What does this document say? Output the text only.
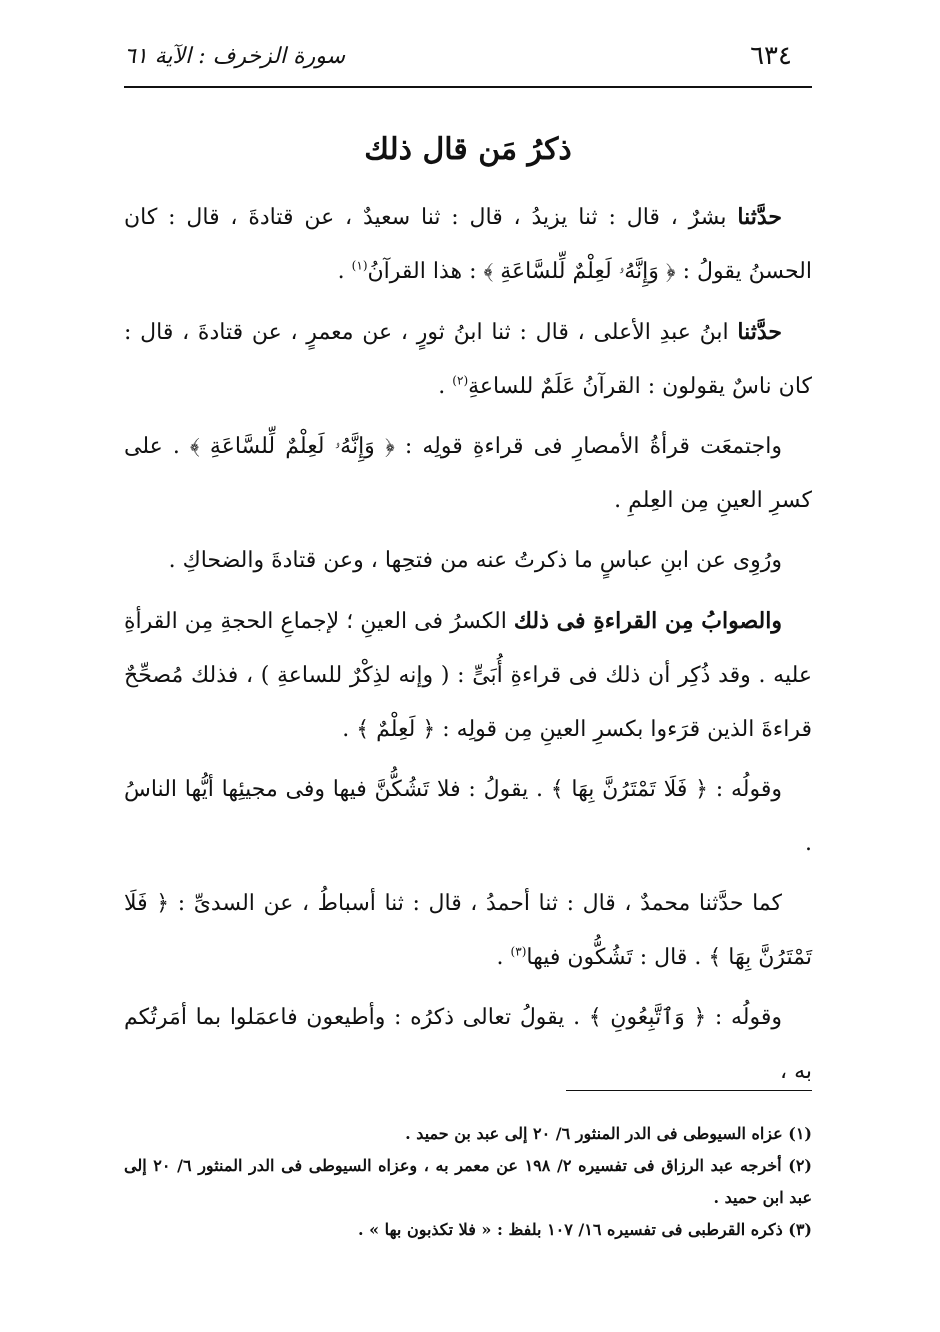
٦٣٤
سورة الزخرف : الآية ٦١
ذكرُ مَن قال ذلك

حدَّثنا بشرٌ ، قال : ثنا يزيدُ ، قال : ثنا سعيدٌ ، عن قتادةَ ، قال : كان الحسنُ يقولُ : ﴿ وَإِنَّهُۥ لَعِلْمٌ لِّلسَّاعَةِ ﴾ : هذا القرآنُ$^{(١)}$ .

حدَّثنا ابنُ عبدِ الأعلى ، قال : ثنا ابنُ ثورٍ ، عن معمرٍ ، عن قتادةَ ، قال : كان ناسٌ يقولون : القرآنُ عَلَمٌ للساعةِ$^{(٢)}$ .

واجتمعَت قرأةُ الأمصارِ فى قراءةِ قولِه : ﴿ وَإِنَّهُۥ لَعِلْمٌ لِّلسَّاعَةِ ﴾ . على كسرِ العينِ مِن العِلمِ .

ورُوِى عن ابنِ عباسٍ ما ذكرتُ عنه من فتحِها ، وعن قتادةَ والضحاكِ .

والصوابُ مِن القراءةِ فى ذلك الكسرُ فى العينِ ؛ لإجماعِ الحجةِ مِن القرأةِ عليه . وقد ذُكِر أن ذلك فى قراءةِ أُبَىٍّ : ( وإنه لذِكْرٌ للساعةِ ) ، فذلك مُصحِّحٌ قراءةَ الذين قرَءوا بكسرِ العينِ مِن قولِه : ﴿ لَعِلْمٌ ﴾ .

وقولُه : ﴿ فَلَا تَمْتَرُنَّ بِهَا ﴾ . يقولُ : فلا تَشُكُّنَّ فيها وفى مجيئِها أيُّها الناسُ .

كما حدَّثنا محمدٌ ، قال : ثنا أحمدُ ، قال : ثنا أسباطُ ، عن السدىِّ : ﴿ فَلَا تَمْتَرُنَّ بِهَا ﴾ . قال : تَشُكُّون فيها$^{(٣)}$ .

وقولُه : ﴿ وَٱتَّبِعُونِ ﴾ . يقولُ تعالى ذكرُه : وأطيعون فاعمَلوا بما أمَرتُكم به ،

(١) عزاه السيوطى فى الدر المنثور ٦/ ٢٠ إلى عبد بن حميد .
(٢) أخرجه عبد الرزاق فى تفسيره ٢/ ١٩٨ عن معمر به ، وعزاه السيوطى فى الدر المنثور ٦/ ٢٠ إلى عبد ابن حميد .
(٣) ذكره القرطبى فى تفسيره ١٦/ ١٠٧ بلفظ : « فلا تكذبون بها » .
